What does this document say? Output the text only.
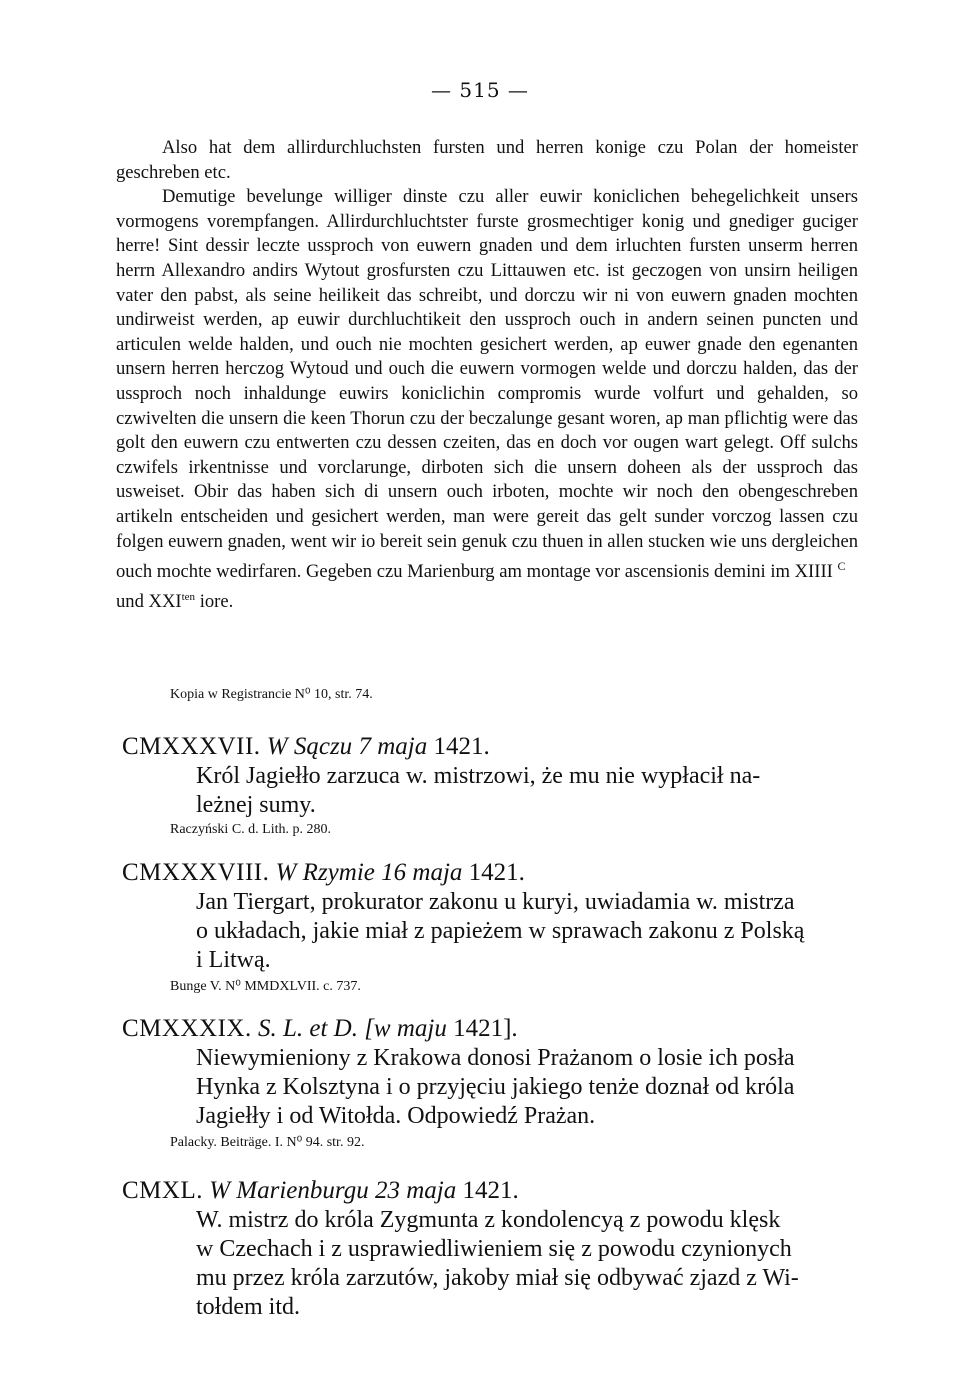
— 515 —

Also hat dem allirdurchluchsten fursten und herren konige czu Polan der homeister geschreben etc.

Demutige bevelunge williger dinste czu aller euwir koniclichen behegelichkeit unsers vormogens vorempfangen. Allirdurchluchtster furste grosmechtiger konig und gnediger guciger herre! Sint dessir leczte ussproch von euwern gnaden und dem irluchten fursten unserm herren herrn Allexandro andirs Wytout grosfursten czu Littauwen etc. ist geczogen von unsirn heiligen vater den pabst, als seine heilikeit das schreibt, und dorczu wir ni von euwern gnaden mochten undirweist werden, ap euwir durchluchtikeit den ussproch ouch in andern seinen puncten und articulen welde halden, und ouch nie mochten gesichert werden, ap euwer gnade den egenanten unsern herren herczog Wytoud und ouch die euwern vormogen welde und dorczu halden, das der ussproch noch inhaldunge euwirs koniclichin compromis wurde volfurt und gehalden, so czwivelten die unsern die keen Thorun czu der beczalunge gesant woren, ap man pflichtig were das golt den euwern czu entwerten czu dessen czeiten, das en doch vor ougen wart gelegt. Off sulchs czwifels irkentnisse und vorclarunge, dirboten sich die unsern doheen als der ussproch das usweiset. Obir das haben sich di unsern ouch irboten, mochte wir noch den obengeschreben artikeln entscheiden und gesichert werden, man were gereit das gelt sunder vorczog lassen czu folgen euwern gnaden, went wir io bereit sein genuk czu thuen in allen stucken wie uns dergleichen ouch mochte wedirfaren. Gegeben czu Marienburg am montage vor ascensionis demini im XIIII $^C$

und $XXI^{ten}$ iore.

Kopia w Registrancie N⁰ 10, str. 74.
CMXXXVII. W Sączu 7 maja 1421.
Król Jagiełło zarzuca w. mistrzowi, że mu nie wypłacił na-
leżnej sumy.
Raczyński C. d. Lith. p. 280.
CMXXXVIII. W Rzymie 16 maja 1421.
Jan Tiergart, prokurator zakonu u kuryi, uwiadamia w. mistrza
o układach, jakie miał z papieżem w sprawach zakonu z Polską
i Litwą.
Bunge V. N⁰ MMDXLVII. c. 737.
CMXXXIX. S. L. et D. [w maju 1421].
Niewymieniony z Krakowa donosi Prażanom o losie ich posła
Hynka z Kolsztyna i o przyjęciu jakiego tenże doznał od króla
Jagiełły i od Witołda. Odpowiedź Prażan.
Palacky. Beiträge. I. N⁰ 94. str. 92.
CMXL. W Marienburgu 23 maja 1421.
W. mistrz do króla Zygmunta z kondolencyą z powodu klęsk
w Czechach i z usprawiedliwieniem się z powodu czynionych
mu przez króla zarzutów, jakoby miał się odbywać zjazd z Wi-
tołdem itd.
